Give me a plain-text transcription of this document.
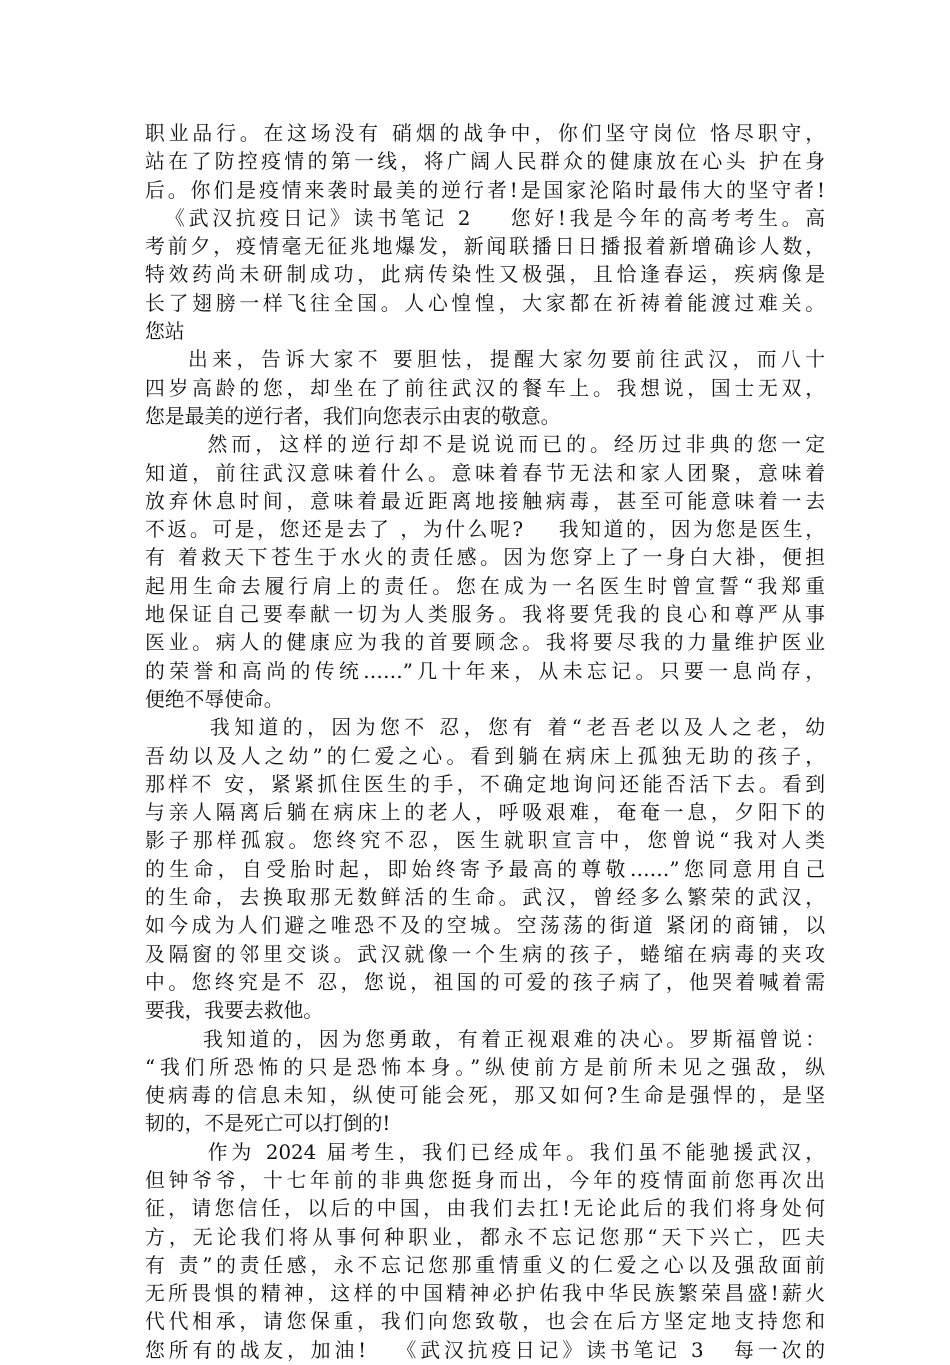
职业品行。在这场没有 硝烟的战争中，你们坚守岗位 恪尽职守，
站在了防控疫情的第一线，将广阔人民群众的健康放在心头 护在身
后。你们是疫情来袭时最美的逆行者!是国家沦陷时最伟大的坚守者!
《武汉抗疫日记》读书笔记 2    您好!我是今年的高考考生。高
考前夕，疫情毫无征兆地爆发，新闻联播日日播报着新增确诊人数，
特效药尚未研制成功，此病传染性又极强，且恰逢春运，疾病像是
长了翅膀一样飞往全国。人心惶惶，大家都在祈祷着能渡过难关。
您站
出来，告诉大家不 要胆怯，提醒大家勿要前往武汉，而八十
四岁高龄的您，却坐在了前往武汉的餐车上。我想说，国士无双，
您是最美的逆行者，我们向您表示由衷的敬意。
然而，这样的逆行却不是说说而已的。经历过非典的您一定
知道，前往武汉意味着什么。意味着春节无法和家人团聚，意味着
放弃休息时间，意味着最近距离地接触病毒，甚至可能意味着一去
不返。可是，您还是去了 ，为什么呢?    我知道的，因为您是医生，
有 着救天下苍生于水火的责任感。因为您穿上了一身白大褂，便担
起用生命去履行肩上的责任。您在成为一名医生时曾宣誓“我郑重
地保证自己要奉献一切为人类服务。我将要凭我的良心和尊严从事
医业。病人的健康应为我的首要顾念。我将要尽我的力量维护医业
的荣誉和高尚的传统……”几十年来，从未忘记。只要一息尚存，
便绝不辱使命。
我知道的，因为您不 忍，您有 着“老吾老以及人之老，幼
吾幼以及人之幼”的仁爱之心。看到躺在病床上孤独无助的孩子，
那样不 安，紧紧抓住医生的手，不确定地询问还能否活下去。看到
与亲人隔离后躺在病床上的老人，呼吸艰难，奄奄一息，夕阳下的
影子那样孤寂。您终究不忍，医生就职宣言中，您曾说“我对人类
的生命，自受胎时起，即始终寄予最高的尊敬……”您同意用自己
的生命，去换取那无数鲜活的生命。武汉，曾经多么繁荣的武汉，
如今成为人们避之唯恐不及的空城。空荡荡的街道 紧闭的商铺，以
及隔窗的邻里交谈。武汉就像一个生病的孩子，蜷缩在病毒的夹攻
中。您终究是不 忍，您说，祖国的可爱的孩子病了，他哭着喊着需
要我，我要去救他。
我知道的，因为您勇敢，有着正视艰难的决心。罗斯福曾说：
“我们所恐怖的只是恐怖本身。”纵使前方是前所未见之强敌，纵
使病毒的信息未知，纵使可能会死，那又如何?生命是强悍的，是坚
韧的，不是死亡可以打倒的!
作为 2024 届考生，我们已经成年。我们虽不能驰援武汉，
但钟爷爷，十七年前的非典您挺身而出，今年的疫情面前您再次出
征，请您信任，以后的中国，由我们去扛!无论此后的我们将身处何
方，无论我们将从事何种职业，都永不忘记您那“天下兴亡，匹夫
有 责”的责任感，永不忘记您那重情重义的仁爱之心以及强敌面前
无所畏惧的精神，这样的中国精神必护佑我中华民族繁荣昌盛!薪火
代代相承，请您保重，我们向您致敬，也会在后方坚定地支持您和
您所有的战友，加油!   《武汉抗疫日记》读书笔记 3   每一次的
